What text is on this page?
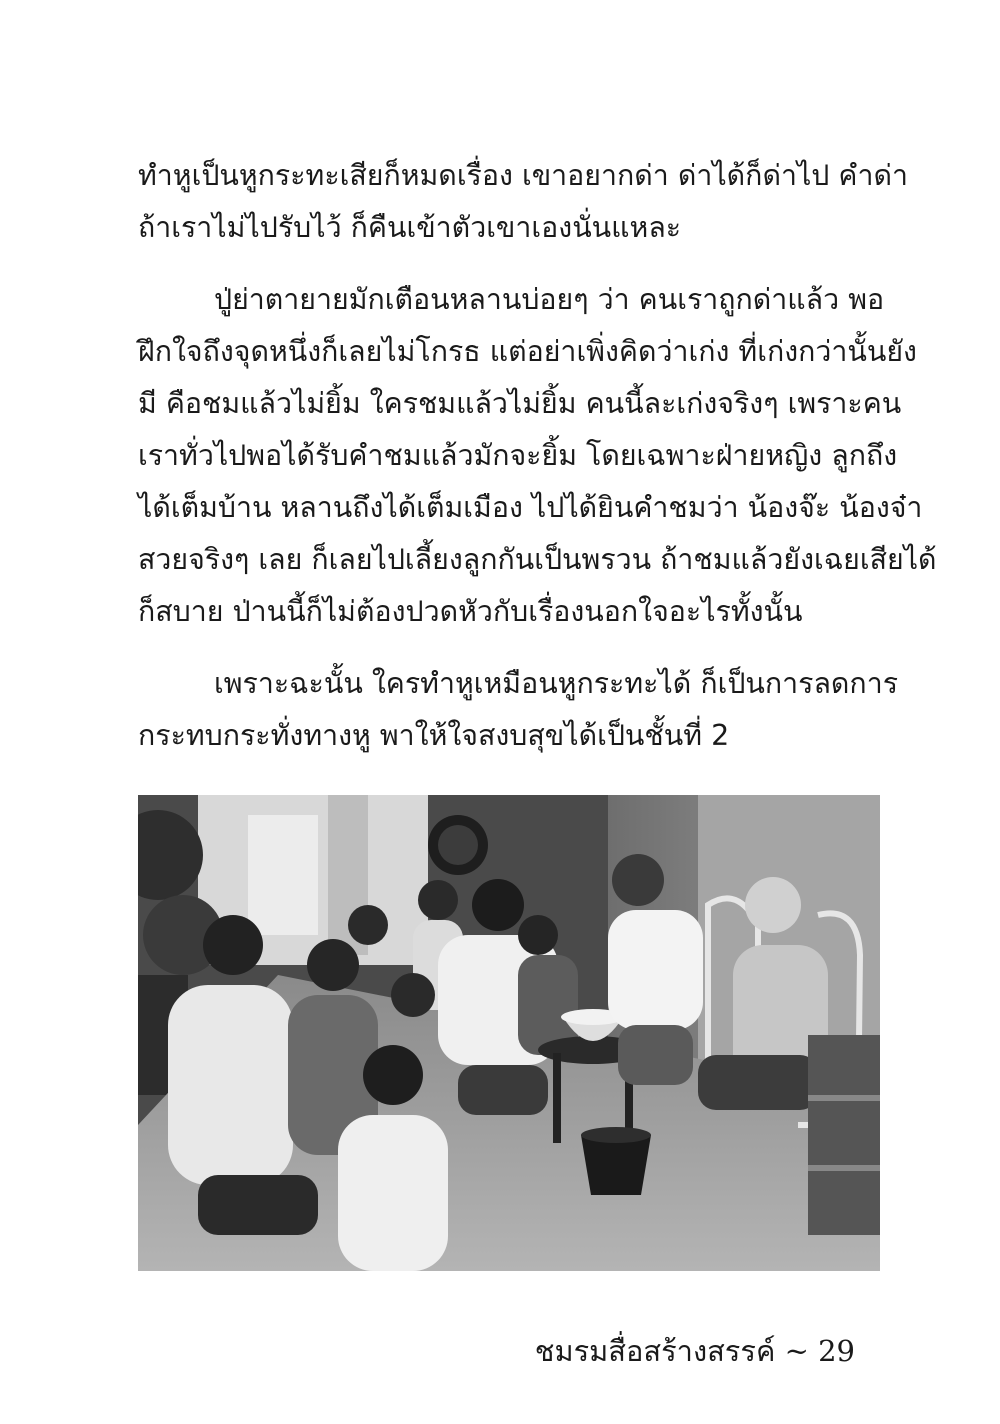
ทำหูเป็นหูกระทะเสียก็หมดเรื่อง เขาอยากด่า ด่าได้ก็ด่าไป คำด่า
ถ้าเราไม่ไปรับไว้ ก็คืนเข้าตัวเขาเองนั่นแหละ

ปู่ย่าตายายมักเตือนหลานบ่อยๆ ว่า คนเราถูกด่าแล้ว พอ
ฝึกใจถึงจุดหนึ่งก็เลยไม่โกรธ แต่อย่าเพิ่งคิดว่าเก่ง ที่เก่งกว่านั้นยัง
มี คือชมแล้วไม่ยิ้ม ใครชมแล้วไม่ยิ้ม คนนี้ละเก่งจริงๆ เพราะคน
เราทั่วไปพอได้รับคำชมแล้วมักจะยิ้ม โดยเฉพาะฝ่ายหญิง ลูกถึง
ได้เต็มบ้าน หลานถึงได้เต็มเมือง ไปได้ยินคำชมว่า น้องจ๊ะ น้องจ๋า
สวยจริงๆ เลย ก็เลยไปเลี้ยงลูกกันเป็นพรวน ถ้าชมแล้วยังเฉยเสียได้
ก็สบาย ป่านนี้ก็ไม่ต้องปวดหัวกับเรื่องนอกใจอะไรทั้งนั้น

เพราะฉะนั้น ใครทำหูเหมือนหูกระทะได้ ก็เป็นการลดการ
กระทบกระทั่งทางหู พาให้ใจสงบสุขได้เป็นชั้นที่ 2

ชมรมสื่อสร้างสรรค์ ~ 29
